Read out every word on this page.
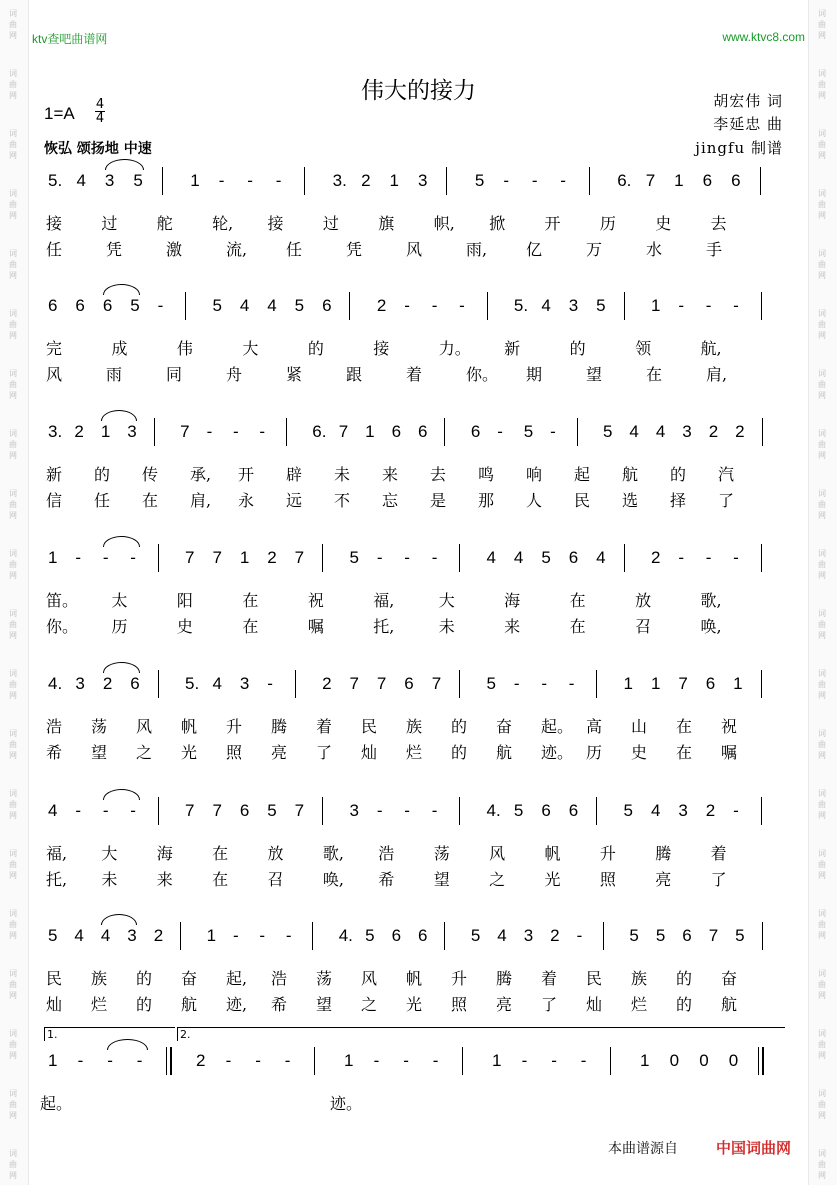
词
曲
网
词
曲
网
词
曲
网
词
曲
网
词
曲
网
词
曲
网
词
曲
网
词
曲
网
词
曲
网
词
曲
网
词
曲
网
词
曲
网
词
曲
网
词
曲
网
词
曲
网
词
曲
网
词
曲
网
词
曲
网
词
曲
网
词
曲
网
词
曲
网
词
曲
网
词
曲
网
词
曲
网
词
曲
网
词
曲
网
词
曲
网
词
曲
网
词
曲
网
词
曲
网
词
曲
网
词
曲
网
词
曲
网
词
曲
网
词
曲
网
词
曲
网
词
曲
网
词
曲
网
词
曲
网
词
曲
网
ktv查吧曲谱网	www.ktvc8.com
伟大的接力
1=A 4
4
恢弘 颂扬地 中速
胡宏伟 词
李延忠 曲
jingfu 制谱
5. 4 3 5	1 - - -	3. 2 1 3	5 - - -	6. 7 1 6 6
接 过 舵 轮, 接 过 旗 帜, 掀 开 历 史 去
任	凭	激	流, 任	凭	风	雨, 亿	万	水	手
6 6 6 5 -	5 4 4 5 6	2 - - -	5. 4 3 5	1 - - -
完	成	伟	大	的	接	力。 新	的	领	航,
风	雨	同	舟	紧	跟	着	你。 期	望	在	肩,
3. 2 1 3	7 - - -	6. 7 1 6 6	6 - 5 -	5 4 4 3 2 2
新 的 传 承, 开 辟 未 来 去 鸣 响 起 航 的 汽
信 任 在 肩, 永 远 不 忘 是 那 人 民 选 择 了
1 - - -	7 7 1 2 7	5 - - -	4 4 5 6 4	2 - - -
笛。 太	阳	在	祝	福,	大	海	在	放	歌,
你。 历	史	在	嘱	托,	未	来	在	召	唤,
4. 3 2 6	5. 4 3 -	2 7 7 6 7	5 - - -	1 1 7 6 1
浩 荡 风 帆 升 腾 着 民 族 的 奋 起。 高 山 在 祝
希 望 之 光 照 亮 了 灿 烂 的 航 迹。 历 史 在 嘱
4 - - -	7 7 6 5 7	3 - - -	4. 5 6 6	5 4 3 2 -
福, 大 海 在 放 歌, 浩 荡 风 帆 升 腾 着
托, 未 来 在 召 唤, 希 望 之 光 照 亮 了
5 4 4 3 2	1 - - -	4. 5 6 6	5 4 3 2 -	5 5 6 7 5
民 族 的 奋 起, 浩 荡 风 帆 升 腾 着 民 族 的 奋
灿 烂 的 航 迹, 希 望 之 光 照 亮 了 灿 烂 的 航
1 - - -	2 - - -	1 - - -	1 - - -	1 0 0 0
1.	2.
起。	迹。
本曲谱源自	中国词曲网
